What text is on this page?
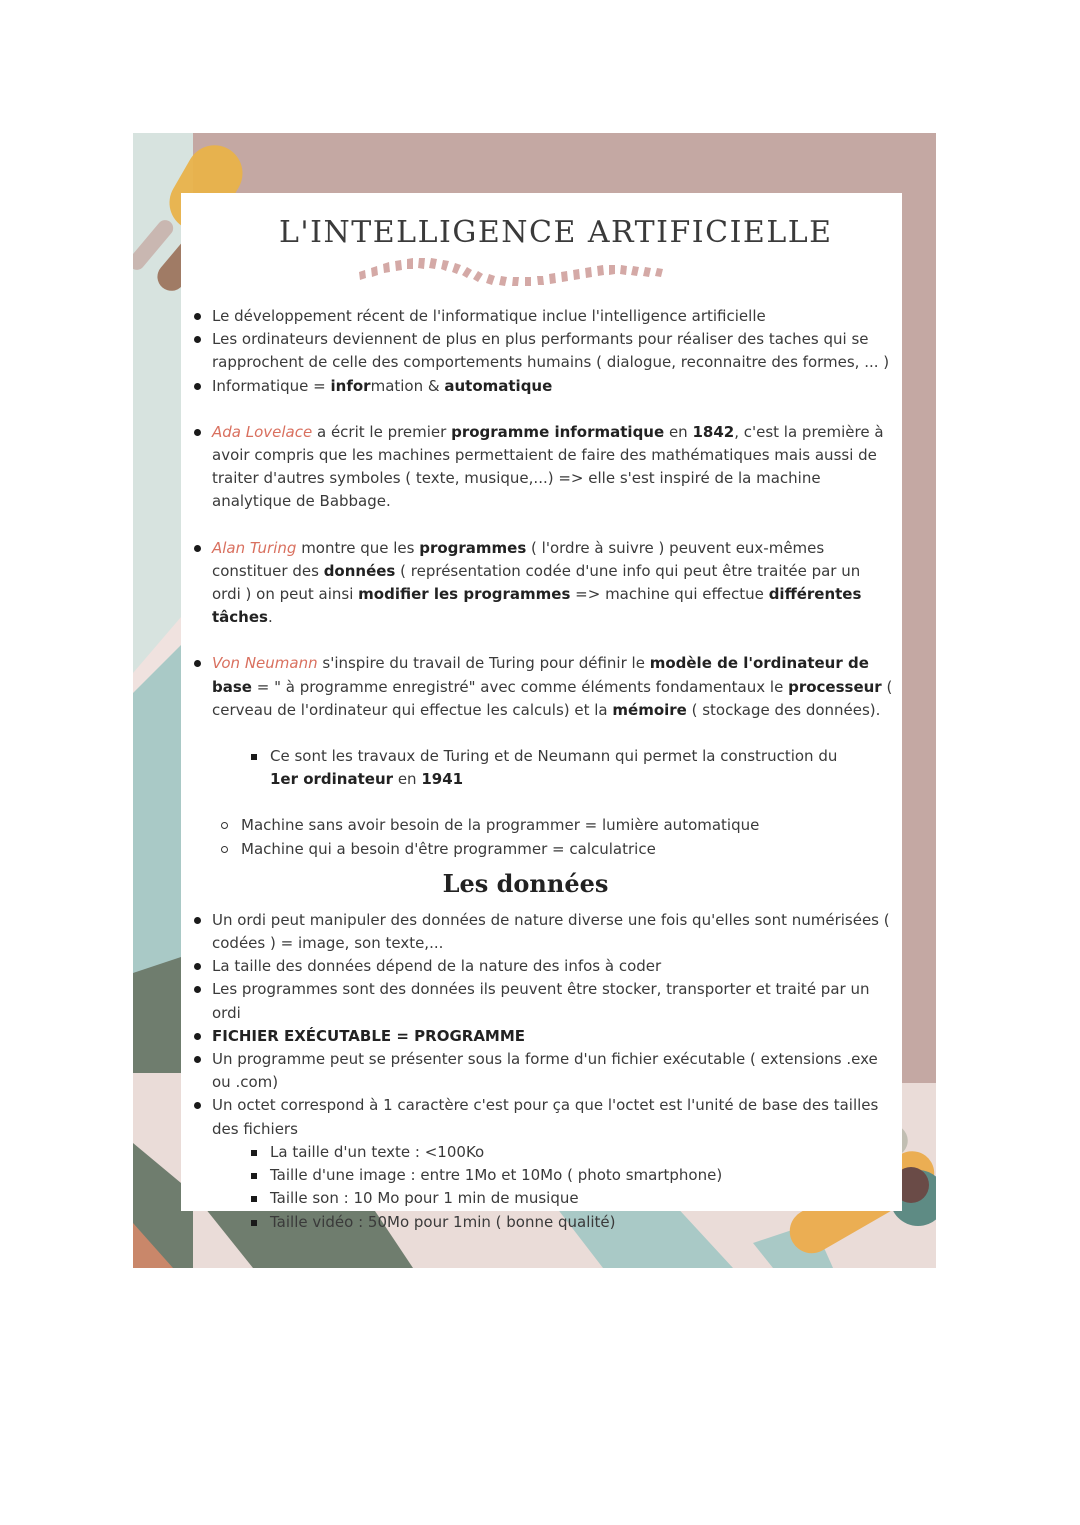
L'INTELLIGENCE ARTIFICIELLE
Le développement récent de l'informatique inclue l'intelligence artificielle
Les ordinateurs deviennent de plus en plus performants pour réaliser des taches qui se rapprochent de celle des comportements humains ( dialogue, reconnaitre des formes, ... )
Informatique = information & automatique
Ada Lovelace a écrit le premier programme informatique en 1842, c'est la première à avoir compris que les machines permettaient de faire des mathématiques mais aussi de traiter d'autres symboles ( texte, musique,...) => elle s'est inspiré de la machine analytique de Babbage.
Alan Turing montre que les programmes ( l'ordre à suivre ) peuvent eux-mêmes constituer des données ( représentation codée d'une info qui peut être traitée par un ordi ) on peut ainsi modifier les programmes => machine qui effectue différentes tâches.
Von Neumann s'inspire du travail de Turing pour définir le modèle de l'ordinateur de base = " à programme enregistré" avec comme éléments fondamentaux le processeur ( cerveau de l'ordinateur qui effectue les calculs) et la mémoire ( stockage des données).
Ce sont les travaux de Turing et de Neumann qui permet la construction du 1er ordinateur en 1941
Machine sans avoir besoin de la programmer = lumière automatique
Machine qui a besoin d'être programmer = calculatrice
Les données
Un ordi peut manipuler des données de nature diverse une fois qu'elles sont numérisées ( codées ) = image, son texte,...
La taille des données dépend de la nature des infos à coder
Les programmes sont des données ils peuvent être stocker, transporter et traité par un ordi
FICHIER EXÉCUTABLE = PROGRAMME
Un programme peut se présenter sous la forme d'un fichier exécutable ( extensions .exe ou .com)
Un octet correspond à 1 caractère c'est pour ça que l'octet est l'unité de base des tailles des fichiers
La taille d'un texte : <100Ko
Taille d'une image : entre 1Mo et 10Mo ( photo smartphone)
Taille son : 10 Mo pour 1 min de musique
Taille vidéo : 50Mo pour 1min ( bonne qualité)
